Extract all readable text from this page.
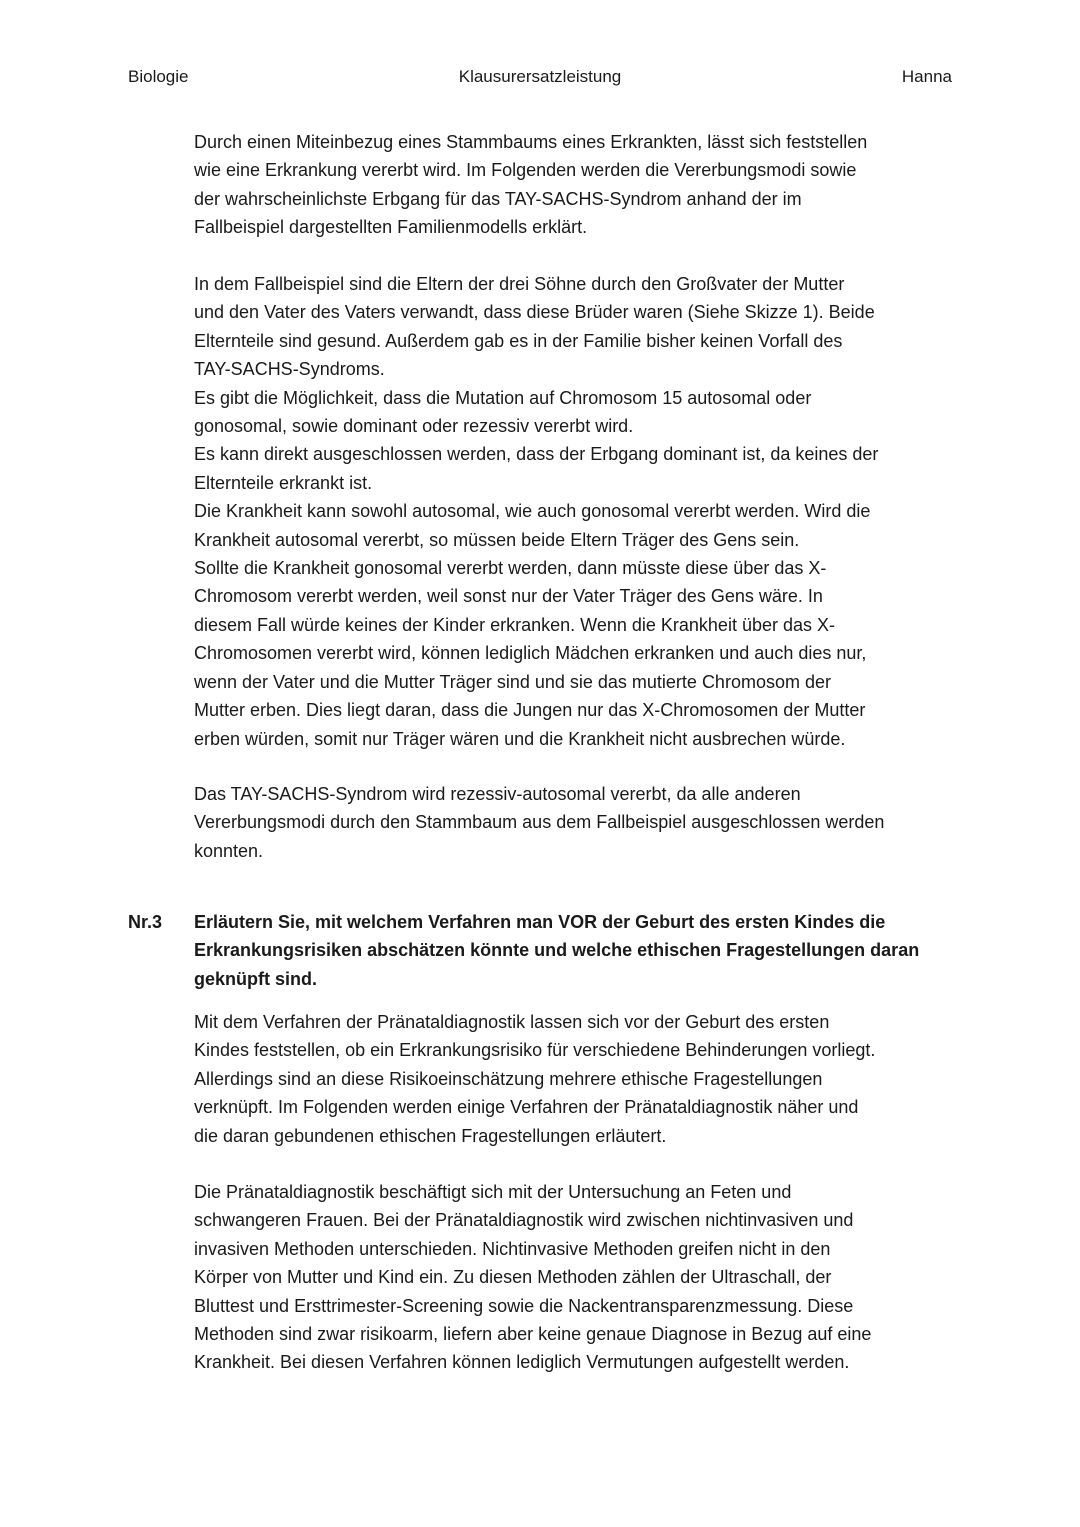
Biologie	Klausurersatzleistung	Hanna
Durch einen Miteinbezug eines Stammbaums eines Erkrankten, lässt sich feststellen
wie eine Erkrankung vererbt wird. Im Folgenden werden die Vererbungsmodi sowie
der wahrscheinlichste Erbgang für das TAY-SACHS-Syndrom anhand der im
Fallbeispiel dargestellten Familienmodells erklärt.
In dem Fallbeispiel sind die Eltern der drei Söhne durch den Großvater der Mutter
und den Vater des Vaters verwandt, dass diese Brüder waren (Siehe Skizze 1). Beide
Elternteile sind gesund. Außerdem gab es in der Familie bisher keinen Vorfall des
TAY-SACHS-Syndroms.
Es gibt die Möglichkeit, dass die Mutation auf Chromosom 15 autosomal oder
gonosomal, sowie dominant oder rezessiv vererbt wird.
Es kann direkt ausgeschlossen werden, dass der Erbgang dominant ist, da keines der
Elternteile erkrankt ist.
Die Krankheit kann sowohl autosomal, wie auch gonosomal vererbt werden. Wird die
Krankheit autosomal vererbt, so müssen beide Eltern Träger des Gens sein.
Sollte die Krankheit gonosomal vererbt werden, dann müsste diese über das X-
Chromosom vererbt werden, weil sonst nur der Vater Träger des Gens wäre. In
diesem Fall würde keines der Kinder erkranken. Wenn die Krankheit über das X-
Chromosomen vererbt wird, können lediglich Mädchen erkranken und auch dies nur,
wenn der Vater und die Mutter Träger sind und sie das mutierte Chromosom der
Mutter erben. Dies liegt daran, dass die Jungen nur das X-Chromosomen der Mutter
erben würden, somit nur Träger wären und die Krankheit nicht ausbrechen würde.
Das TAY-SACHS-Syndrom wird rezessiv-autosomal vererbt, da alle anderen
Vererbungsmodi durch den Stammbaum aus dem Fallbeispiel ausgeschlossen werden
konnten.
Nr.3 Erläutern Sie, mit welchem Verfahren man VOR der Geburt des ersten Kindes die
Erkrankungsrisiken abschätzen könnte und welche ethischen Fragestellungen daran
geknüpft sind.
Mit dem Verfahren der Pränataldiagnostik lassen sich vor der Geburt des ersten
Kindes feststellen, ob ein Erkrankungsrisiko für verschiedene Behinderungen vorliegt.
Allerdings sind an diese Risikoeinschätzung mehrere ethische Fragestellungen
verknüpft. Im Folgenden werden einige Verfahren der Pränataldiagnostik näher und
die daran gebundenen ethischen Fragestellungen erläutert.
Die Pränataldiagnostik beschäftigt sich mit der Untersuchung an Feten und
schwangeren Frauen. Bei der Pränataldiagnostik wird zwischen nichtinvasiven und
invasiven Methoden unterschieden. Nichtinvasive Methoden greifen nicht in den
Körper von Mutter und Kind ein. Zu diesen Methoden zählen der Ultraschall, der
Bluttest und Ersttrimester-Screening sowie die Nackentransparenzmessung. Diese
Methoden sind zwar risikoarm, liefern aber keine genaue Diagnose in Bezug auf eine
Krankheit. Bei diesen Verfahren können lediglich Vermutungen aufgestellt werden.
